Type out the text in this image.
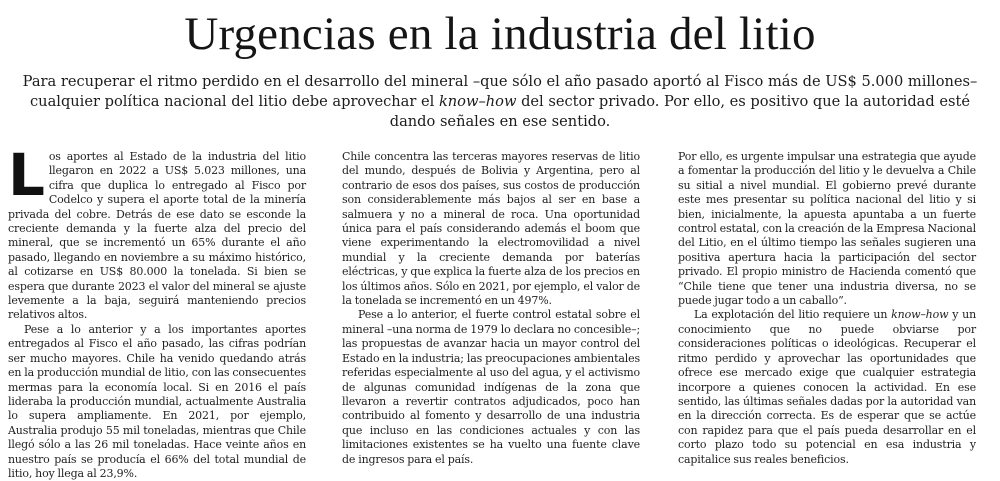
Urgencias en la industria del litio

Para recuperar el ritmo perdido en el desarrollo del mineral –que sólo el año pasado aportó al Fisco más de US$ 5.000 millones– cualquier política nacional del litio debe aprovechar el know–how del sector privado. Por ello, es positivo que la autoridad esté dando señales en ese sentido.

Los aportes al Estado de la industria del litio llegaron en 2022 a US$ 5.023 millones, una cifra que duplica lo entregado al Fisco por Codelco y supera el aporte total de la minería privada del cobre. Detrás de ese dato se esconde la creciente demanda y la fuerte alza del precio del mineral, que se incrementó un 65% durante el año pasado, llegando en noviembre a su máximo histórico, al cotizarse en US$ 80.000 la tonelada. Si bien se espera que durante 2023 el valor del mineral se ajuste levemente a la baja, seguirá manteniendo precios relativos altos.

Pese a lo anterior y a los importantes aportes entregados al Fisco el año pasado, las cifras podrían ser mucho mayores. Chile ha venido quedando atrás en la producción mundial de litio, con las consecuentes mermas para la economía local. Si en 2016 el país lideraba la producción mundial, actualmente Australia lo supera ampliamente. En 2021, por ejemplo, Australia produjo 55 mil toneladas, mientras que Chile llegó sólo a las 26 mil toneladas. Hace veinte años en nuestro país se producía el 66% del total mundial de litio, hoy llega al 23,9%.

Chile concentra las terceras mayores reservas de litio del mundo, después de Bolivia y Argentina, pero al contrario de esos dos países, sus costos de producción son considerablemente más bajos al ser en base a salmuera y no a mineral de roca. Una oportunidad única para el país considerando además el boom que viene experimentando la electromovilidad a nivel mundial y la creciente demanda por baterías eléctricas, y que explica la fuerte alza de los precios en los últimos años. Sólo en 2021, por ejemplo, el valor de la tonelada se incrementó en un 497%.

Pese a lo anterior, el fuerte control estatal sobre el mineral –una norma de 1979 lo declara no concesible–; las propuestas de avanzar hacia un mayor control del Estado en la industria; las preocupaciones ambientales referidas especialmente al uso del agua, y el activismo de algunas comunidad indígenas de la zona que llevaron a revertir contratos adjudicados, poco han contribuido al fomento y desarrollo de una industria que incluso en las condiciones actuales y con las limitaciones existentes se ha vuelto una fuente clave de ingresos para el país.

Por ello, es urgente impulsar una estrategia que ayude a fomentar la producción del litio y le devuelva a Chile su sitial a nivel mundial. El gobierno prevé durante este mes presentar su política nacional del litio y si bien, inicialmente, la apuesta apuntaba a un fuerte control estatal, con la creación de la Empresa Nacional del Litio, en el último tiempo las señales sugieren una positiva apertura hacia la participación del sector privado. El propio ministro de Hacienda comentó que “Chile tiene que tener una industria diversa, no se puede jugar todo a un caballo”.

La explotación del litio requiere un know–how y un conocimiento que no puede obviarse por consideraciones políticas o ideológicas. Recuperar el ritmo perdido y aprovechar las oportunidades que ofrece ese mercado exige que cualquier estrategia incorpore a quienes conocen la actividad. En ese sentido, las últimas señales dadas por la autoridad van en la dirección correcta. Es de esperar que se actúe con rapidez para que el país pueda desarrollar en el corto plazo todo su potencial en esa industria y capitalice sus reales beneficios.
